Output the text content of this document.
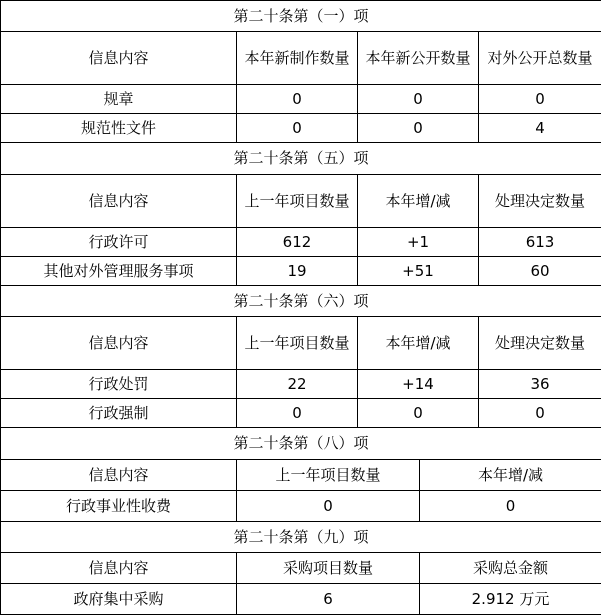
第二十条第（一）项			
信息内容	本年新制作数量	本年新公开数量	对外公开总数量
规章	0	0	0
规范性文件	0	0	4
第二十条第（五）项			
信息内容	上一年项目数量	本年增/减	处理决定数量
行政许可	612	+1	613
其他对外管理服务事项	19	+51	60
第二十条第（六）项			
信息内容	上一年项目数量	本年增/减	处理决定数量
行政处罚	22	+14	36
行政强制	0	0	0
第二十条第（八）项		
信息内容	上一年项目数量	本年增/减
行政事业性收费	0	0
第二十条第（九）项		
信息内容	采购项目数量	采购总金额
政府集中采购	6	2.912 万元
